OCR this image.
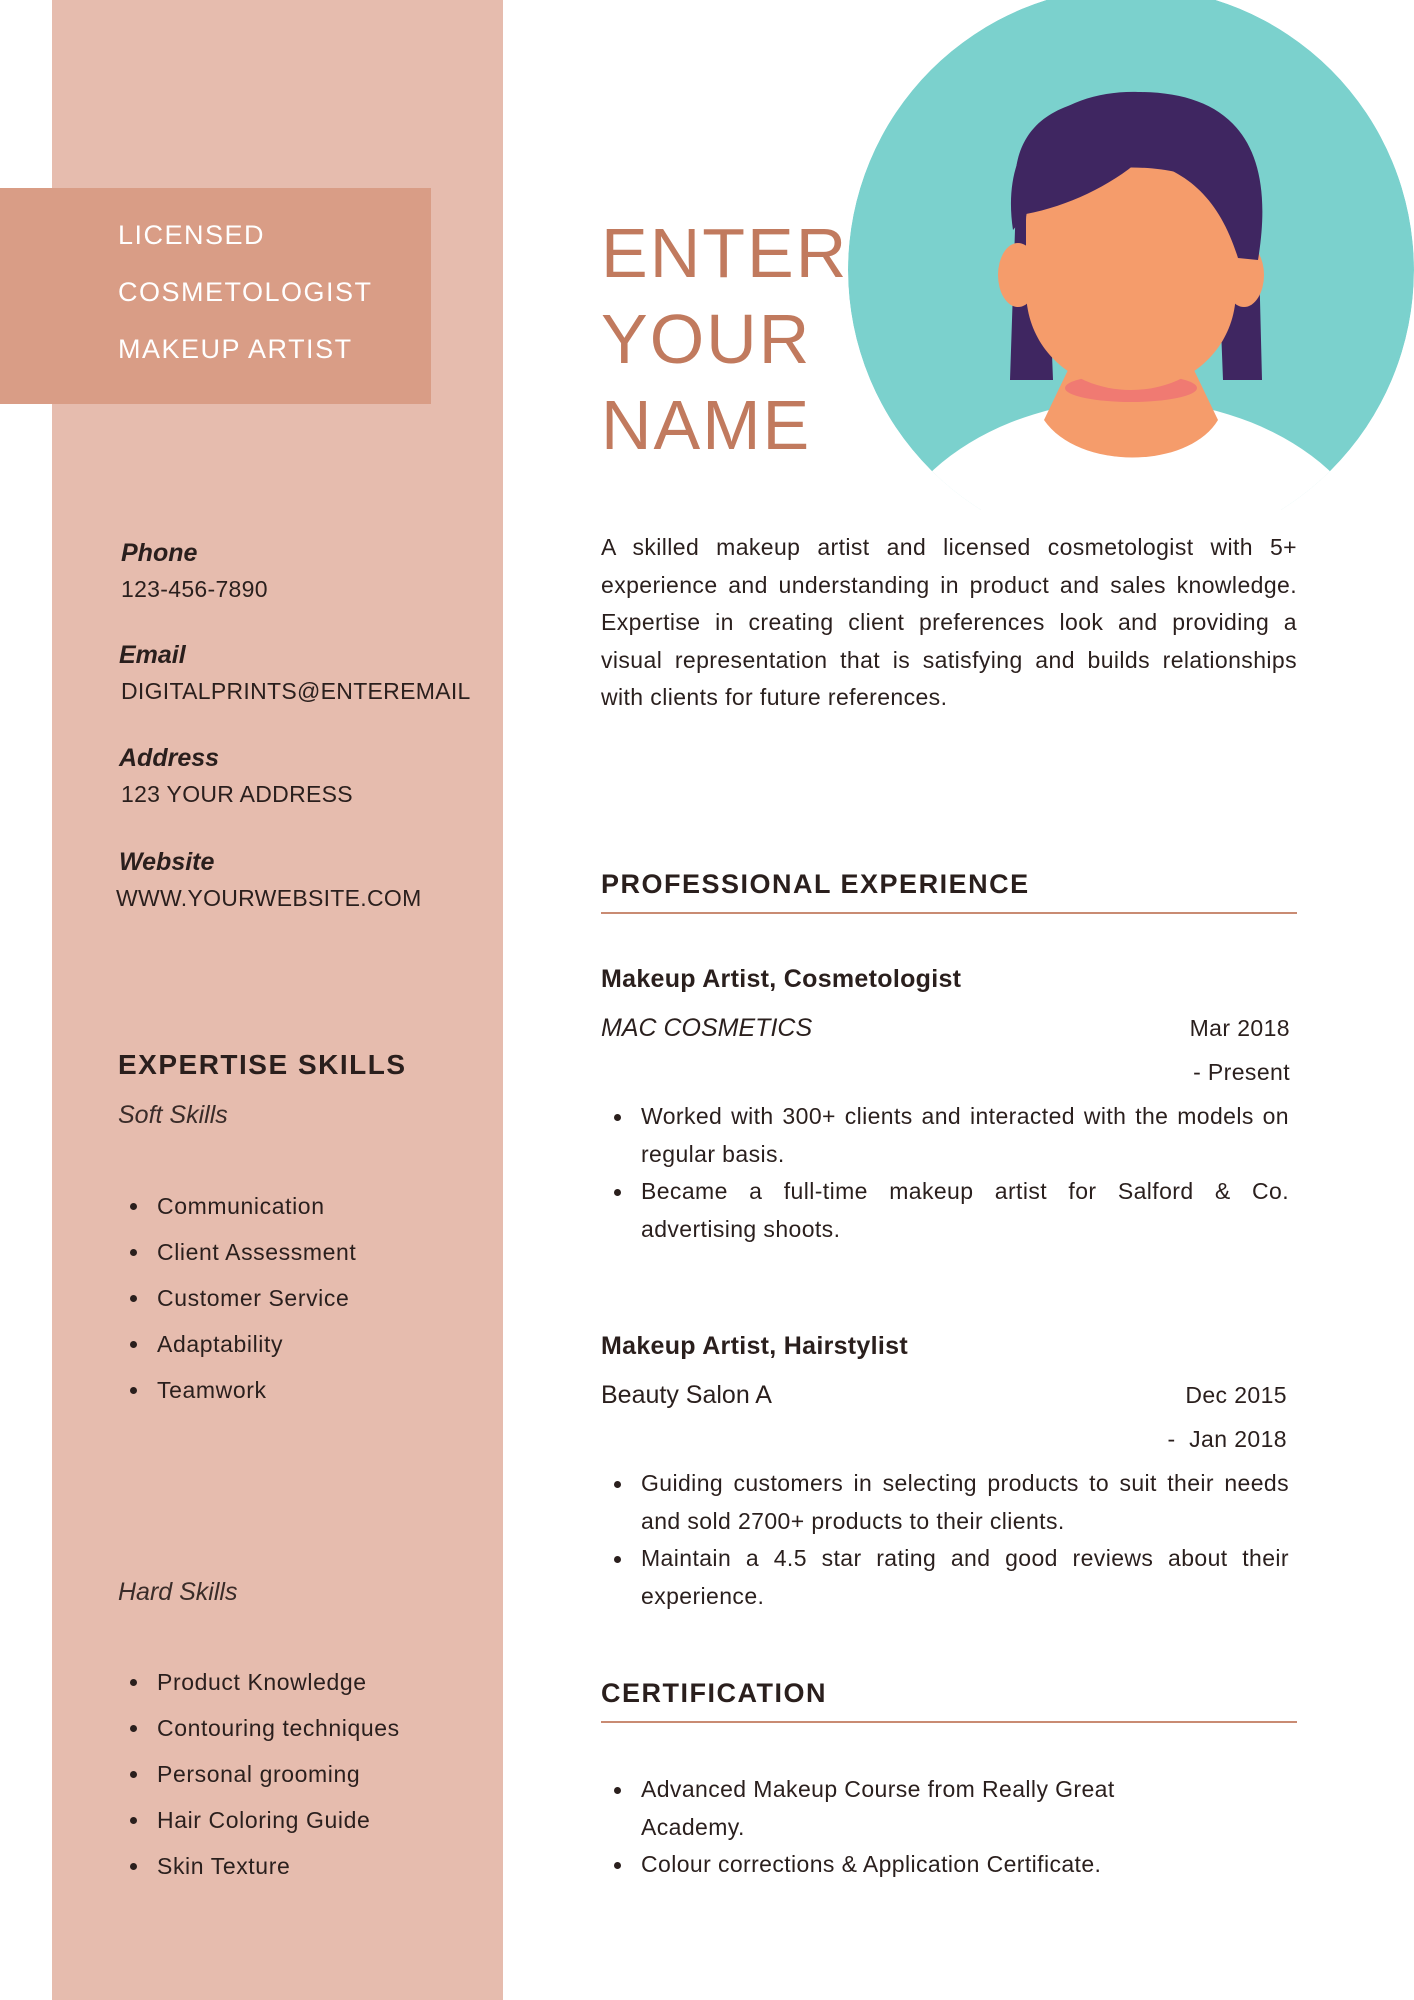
LICENSED
COSMETOLOGIST
MAKEUP ARTIST
Phone
123-456-7890
Email
DIGITALPRINTS@ENTEREMAIL
Address
123 YOUR ADDRESS
Website
WWW.YOURWEBSITE.COM
EXPERTISE SKILLS
Soft Skills
Communication
Client Assessment
Customer Service
Adaptability
Teamwork
Hard Skills
Product Knowledge
Contouring techniques
Personal grooming
Hair Coloring Guide
Skin Texture
ENTER
YOUR
NAME

A skilled makeup artist and licensed cosmetologist with 5+ experience and understanding in product and sales knowledge. Expertise in creating client preferences look and providing a visual representation that is satisfying and builds relationships with clients for future references.

PROFESSIONAL EXPERIENCE
Makeup Artist, Cosmetologist
MAC COSMETICS	Mar 2018
- Present
Worked with 300+ clients and interacted with the models on regular basis.
Became a full-time makeup artist for Salford & Co. advertising shoots.
Makeup Artist, Hairstylist
Beauty Salon A	Dec 2015
-  Jan 2018
Guiding customers in selecting products to suit their needs and sold 2700+ products to their clients.
Maintain a 4.5 star rating and good reviews about their experience.
CERTIFICATION
Advanced Makeup Course from Really Great Academy.
Colour corrections & Application Certificate.
